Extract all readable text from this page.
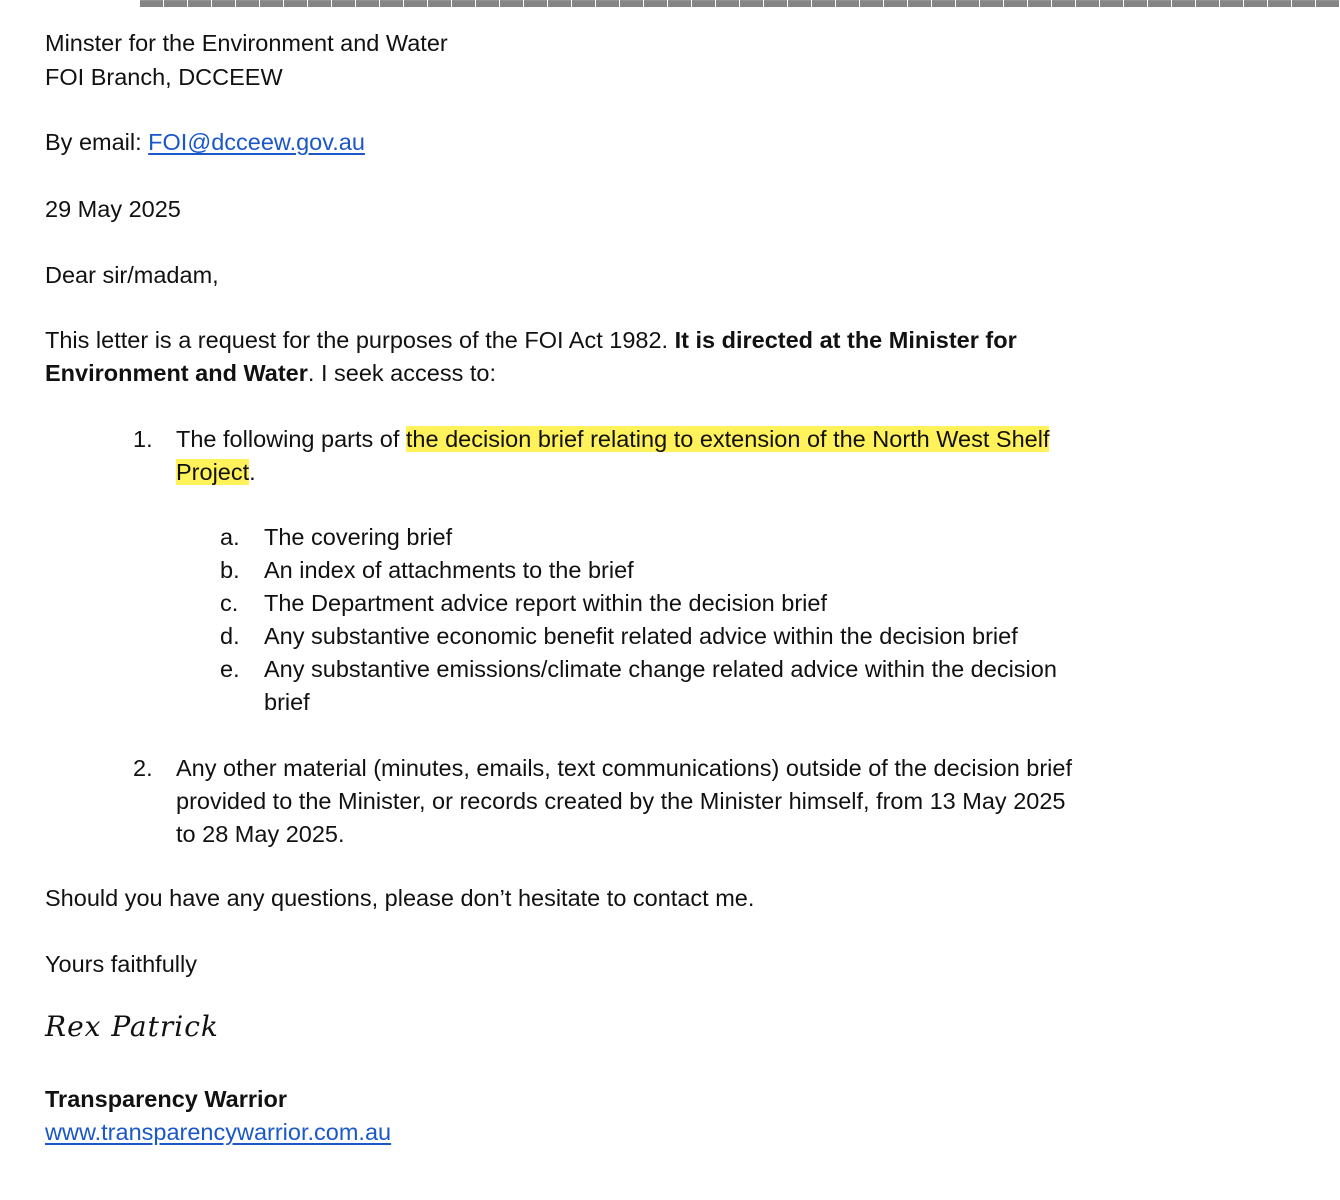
Minster for the Environment and Water
FOI Branch, DCCEEW
By email: FOI@dcceew.gov.au
29 May 2025
Dear sir/madam,
This letter is a request for the purposes of the FOI Act 1982. It is directed at the Minister for
Environment and Water. I seek access to:
1. The following parts of the decision brief relating to extension of the North West Shelf
Project.
a. The covering brief
b. An index of attachments to the brief
c. The Department advice report within the decision brief
d. Any substantive economic benefit related advice within the decision brief
e. Any substantive emissions/climate change related advice within the decision
brief
2. Any other material (minutes, emails, text communications) outside of the decision brief
provided to the Minister, or records created by the Minister himself, from 13 May 2025
to 28 May 2025.
Should you have any questions, please don’t hesitate to contact me.
Yours faithfully
Rex Patrick
Transparency Warrior
www.transparencywarrior.com.au
